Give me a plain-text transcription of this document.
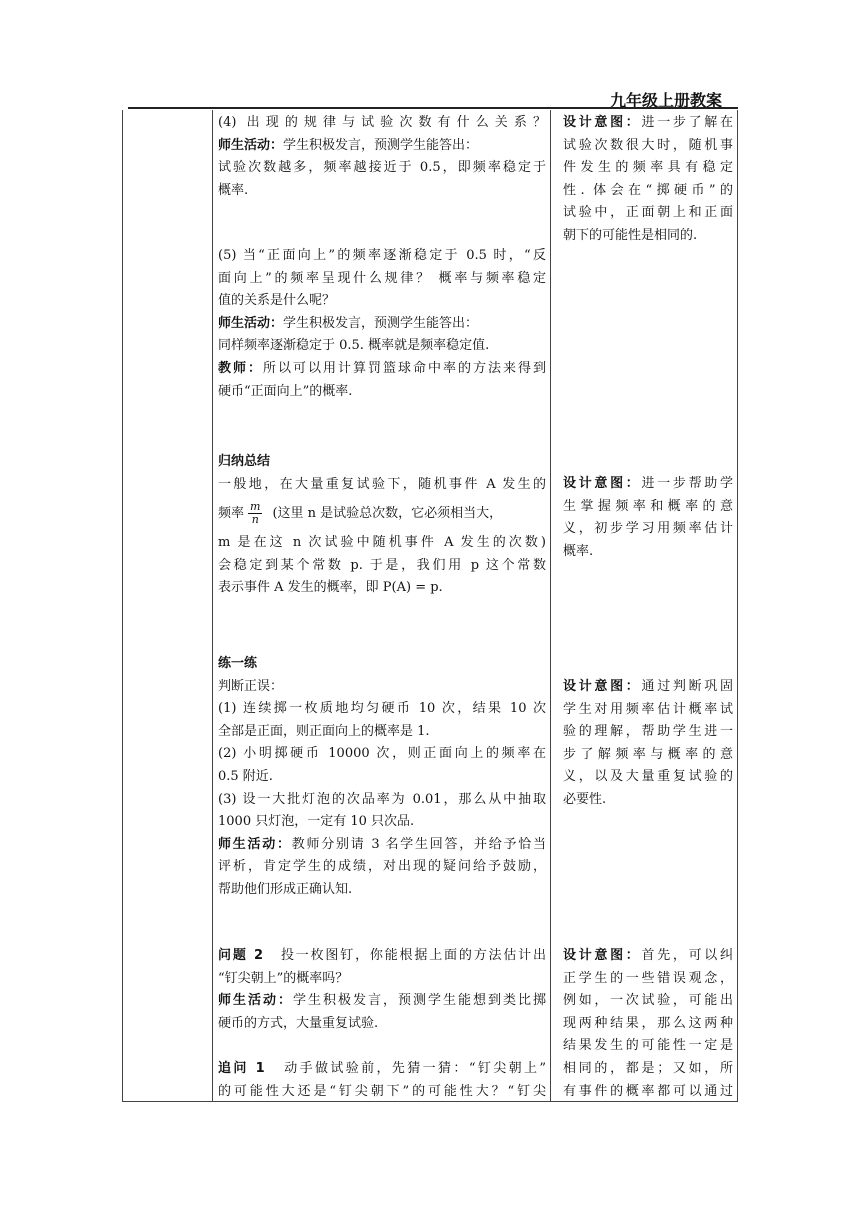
九年级上册教案
(4) 出现的规律与试验次数有什么关系？
师生活动：学生积极发言，预测学生能答出：
试验次数越多，频率越接近于 0.5，即频率稳定于
概率.
(5) 当“正面向上”的频率逐渐稳定于 0.5 时，“反
面向上”的频率呈现什么规律？ 概率与频率稳定
值的关系是什么呢？
师生活动：学生积极发言，预测学生能答出：
同样频率逐渐稳定于 0.5. 概率就是频率稳定值.
教师：所以可以用计算罚篮球命中率的方法来得到
硬币“正面向上”的概率.
归纳总结
一般地，在大量重复试验下，随机事件 A 发生的
频率 $\frac{m}{n}$ (这里 n 是试验总次数，它必须相当大，
m 是在这 n 次试验中随机事件 A 发生的次数)
会稳定到某个常数 p. 于是，我们用 p 这个常数
表示事件 A 发生的概率，即 P(A) = p.
练一练
判断正误：
(1) 连续掷一枚质地均匀硬币 10 次，结果 10 次
全部是正面，则正面向上的概率是 1.
(2) 小明掷硬币 10000 次，则正面向上的频率在
0.5 附近.
(3) 设一大批灯泡的次品率为 0.01，那么从中抽取
1000 只灯泡，一定有 10 只次品.
师生活动：教师分别请 3 名学生回答，并给予恰当
评析，肯定学生的成绩，对出现的疑问给予鼓励，
帮助他们形成正确认知.
问题 2 投一枚图钉，你能根据上面的方法估计出
“钉尖朝上”的概率吗？
师生活动：学生积极发言，预测学生能想到类比掷
硬币的方式，大量重复试验.
追问 1 动手做试验前，先猜一猜：“钉尖朝上”
的可能性大还是“钉尖朝下”的可能性大？“钉尖
设计意图：进一步了解在
试验次数很大时，随机事
件发生的频率具有稳定
性. 体会在“掷硬币”的
试验中，正面朝上和正面
朝下的可能性是相同的.
设计意图：进一步帮助学
生掌握频率和概率的意
义，初步学习用频率估计
概率.
设计意图：通过判断巩固
学生对用频率估计概率试
验的理解，帮助学生进一
步了解频率与概率的意
义，以及大量重复试验的
必要性.
设计意图：首先，可以纠
正学生的一些错误观念，
例如，一次试验，可能出
现两种结果，那么这两种
结果发生的可能性一定是
相同的，都是；又如，所
有事件的概率都可以通过
